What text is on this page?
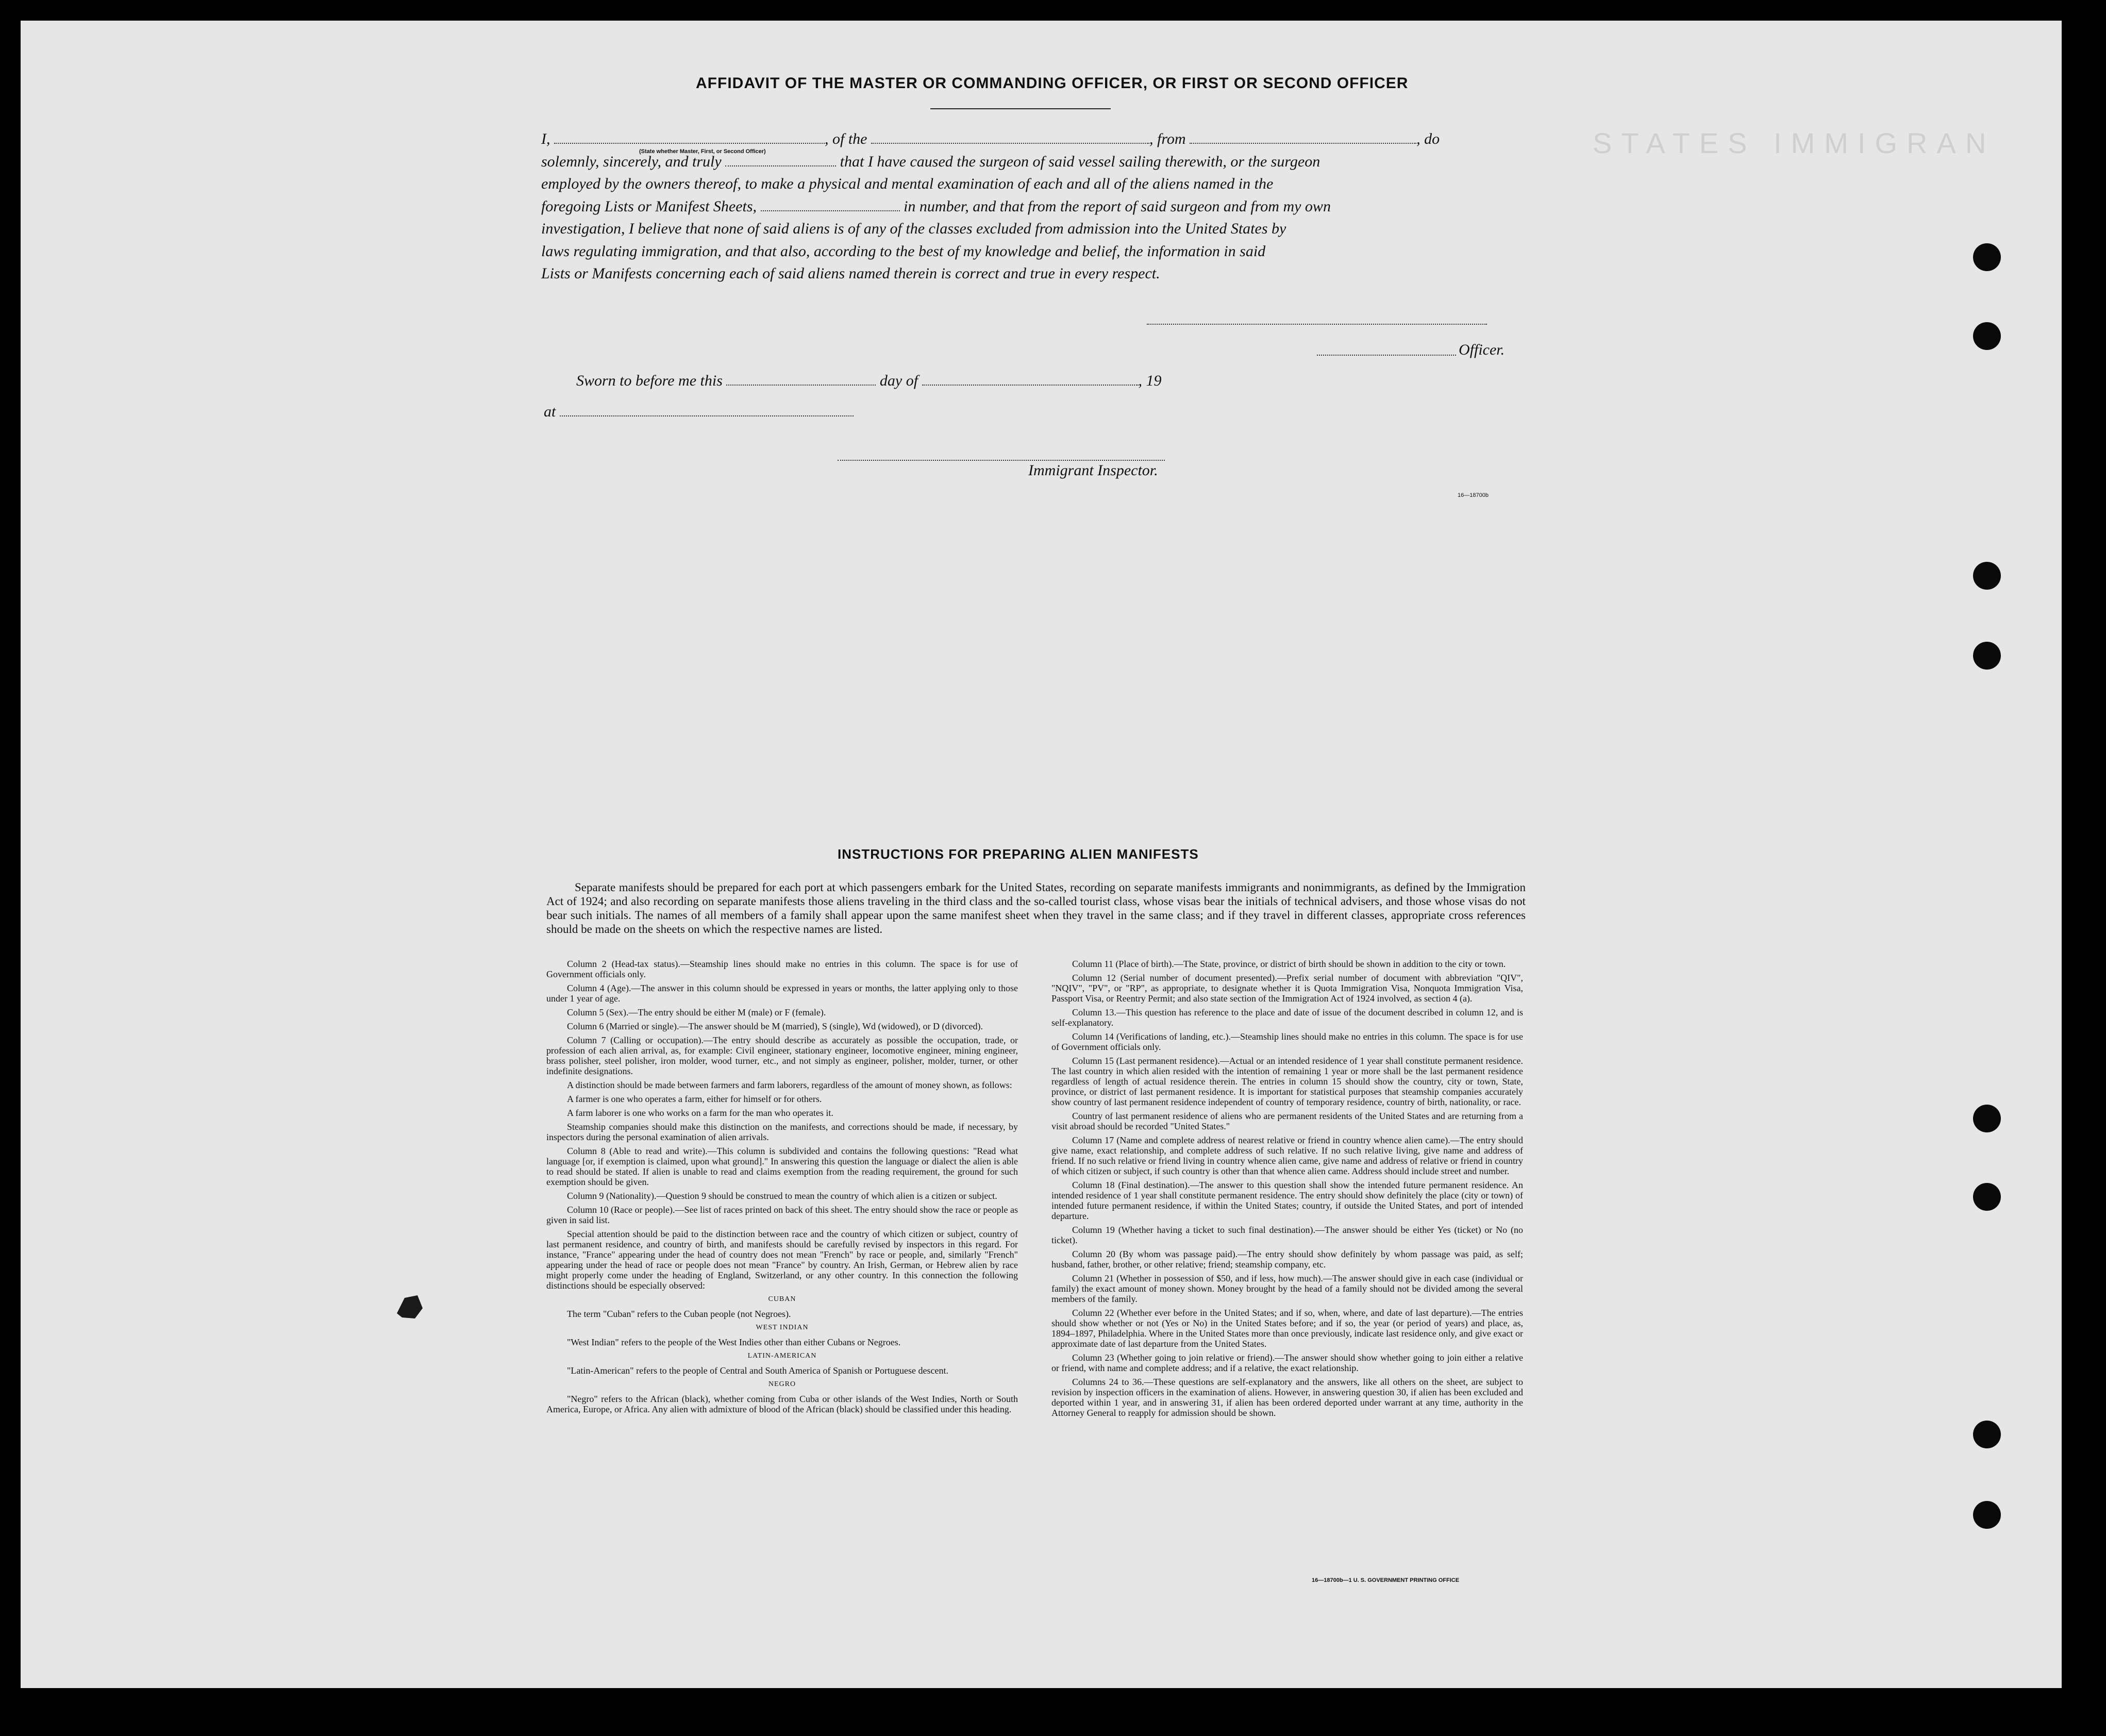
STATES IMMIGRAN
AFFIDAVIT OF THE MASTER OR COMMANDING OFFICER, OR FIRST OR SECOND OFFICER

I,	, of the	, from	, do

solemnly, sincerely, and truly	that I have caused the surgeon of said vessel sailing therewith, or the surgeon

employed by the owners thereof, to make a physical and mental examination of each and all of the aliens named in the

foregoing Lists or Manifest Sheets,	in number, and that from the report of said surgeon and from my own

investigation, I believe that none of said aliens is of any of the classes excluded from admission into the United States by

laws regulating immigration, and that also, according to the best of my knowledge and belief, the information in said

Lists or Manifests concerning each of said aliens named therein is correct and true in every respect.

(State whether Master, First, or Second Officer)
Officer.
Sworn to before me this	day of	, 19
at
Immigrant Inspector.
16—18700b
INSTRUCTIONS FOR PREPARING ALIEN MANIFESTS

Separate manifests should be prepared for each port at which passengers embark for the United States, recording on separate manifests immigrants and nonimmigrants, as defined by the Immigration Act of 1924; and also recording on separate manifests those aliens traveling in the third class and the so-called tourist class, whose visas bear the initials of technical advisers, and those whose visas do not bear such initials. The names of all members of a family shall appear upon the same manifest sheet when they travel in the same class; and if they travel in different classes, appropriate cross references should be made on the sheets on which the respective names are listed.

Column 2 (Head-tax status).—Steamship lines should make no entries in this column. The space is for use of Government officials only.

Column 4 (Age).—The answer in this column should be expressed in years or months, the latter applying only to those under 1 year of age.

Column 5 (Sex).—The entry should be either M (male) or F (female).

Column 6 (Married or single).—The answer should be M (married), S (single), Wd (widowed), or D (divorced).

Column 7 (Calling or occupation).—The entry should describe as accurately as possible the occupation, trade, or profession of each alien arrival, as, for example: Civil engineer, stationary engineer, locomotive engineer, mining engineer, brass polisher, steel polisher, iron molder, wood turner, etc., and not simply as engineer, polisher, molder, turner, or other indefinite designations.

A distinction should be made between farmers and farm laborers, regardless of the amount of money shown, as follows:

A farmer is one who operates a farm, either for himself or for others.

A farm laborer is one who works on a farm for the man who operates it.

Steamship companies should make this distinction on the manifests, and corrections should be made, if necessary, by inspectors during the personal examination of alien arrivals.

Column 8 (Able to read and write).—This column is subdivided and contains the following questions: "Read what language [or, if exemption is claimed, upon what ground]." In answering this question the language or dialect the alien is able to read should be stated. If alien is unable to read and claims exemption from the reading requirement, the ground for such exemption should be given.

Column 9 (Nationality).—Question 9 should be construed to mean the country of which alien is a citizen or subject.

Column 10 (Race or people).—See list of races printed on back of this sheet. The entry should show the race or people as given in said list.

Special attention should be paid to the distinction between race and the country of which citizen or subject, country of last permanent residence, and country of birth, and manifests should be carefully revised by inspectors in this regard. For instance, "France" appearing under the head of country does not mean "French" by race or people, and, similarly "French" appearing under the head of race or people does not mean "France" by country. An Irish, German, or Hebrew alien by race might properly come under the heading of England, Switzerland, or any other country. In this connection the following distinctions should be especially observed:

CUBAN

The term "Cuban" refers to the Cuban people (not Negroes).

WEST INDIAN

"West Indian" refers to the people of the West Indies other than either Cubans or Negroes.

LATIN-AMERICAN

"Latin-American" refers to the people of Central and South America of Spanish or Portuguese descent.

NEGRO

"Negro" refers to the African (black), whether coming from Cuba or other islands of the West Indies, North or South America, Europe, or Africa. Any alien with admixture of blood of the African (black) should be classified under this heading.

Column 11 (Place of birth).—The State, province, or district of birth should be shown in addition to the city or town.

Column 12 (Serial number of document presented).—Prefix serial number of document with abbreviation "QIV", "NQIV", "PV", or "RP", as appropriate, to designate whether it is Quota Immigration Visa, Nonquota Immigration Visa, Passport Visa, or Reentry Permit; and also state section of the Immigration Act of 1924 involved, as section 4 (a).

Column 13.—This question has reference to the place and date of issue of the document described in column 12, and is self-explanatory.

Column 14 (Verifications of landing, etc.).—Steamship lines should make no entries in this column. The space is for use of Government officials only.

Column 15 (Last permanent residence).—Actual or an intended residence of 1 year shall constitute permanent residence. The last country in which alien resided with the intention of remaining 1 year or more shall be the last permanent residence regardless of length of actual residence therein. The entries in column 15 should show the country, city or town, State, province, or district of last permanent residence. It is important for statistical purposes that steamship companies accurately show country of last permanent residence independent of country of temporary residence, country of birth, nationality, or race.

Country of last permanent residence of aliens who are permanent residents of the United States and are returning from a visit abroad should be recorded "United States."

Column 17 (Name and complete address of nearest relative or friend in country whence alien came).—The entry should give name, exact relationship, and complete address of such relative. If no such relative living, give name and address of friend. If no such relative or friend living in country whence alien came, give name and address of relative or friend in country of which citizen or subject, if such country is other than that whence alien came. Address should include street and number.

Column 18 (Final destination).—The answer to this question shall show the intended future permanent residence. An intended residence of 1 year shall constitute permanent residence. The entry should show definitely the place (city or town) of intended future permanent residence, if within the United States; country, if outside the United States, and port of intended departure.

Column 19 (Whether having a ticket to such final destination).—The answer should be either Yes (ticket) or No (no ticket).

Column 20 (By whom was passage paid).—The entry should show definitely by whom passage was paid, as self; husband, father, brother, or other relative; friend; steamship company, etc.

Column 21 (Whether in possession of $50, and if less, how much).—The answer should give in each case (individual or family) the exact amount of money shown. Money brought by the head of a family should not be divided among the several members of the family.

Column 22 (Whether ever before in the United States; and if so, when, where, and date of last departure).—The entries should show whether or not (Yes or No) in the United States before; and if so, the year (or period of years) and place, as, 1894–1897, Philadelphia. Where in the United States more than once previously, indicate last residence only, and give exact or approximate date of last departure from the United States.

Column 23 (Whether going to join relative or friend).—The answer should show whether going to join either a relative or friend, with name and complete address; and if a relative, the exact relationship.

Columns 24 to 36.—These questions are self-explanatory and the answers, like all others on the sheet, are subject to revision by inspection officers in the examination of aliens. However, in answering question 30, if alien has been excluded and deported within 1 year, and in answering 31, if alien has been ordered deported under warrant at any time, authority in the Attorney General to reapply for admission should be shown.

16—18700b—1 U. S. GOVERNMENT PRINTING OFFICE
